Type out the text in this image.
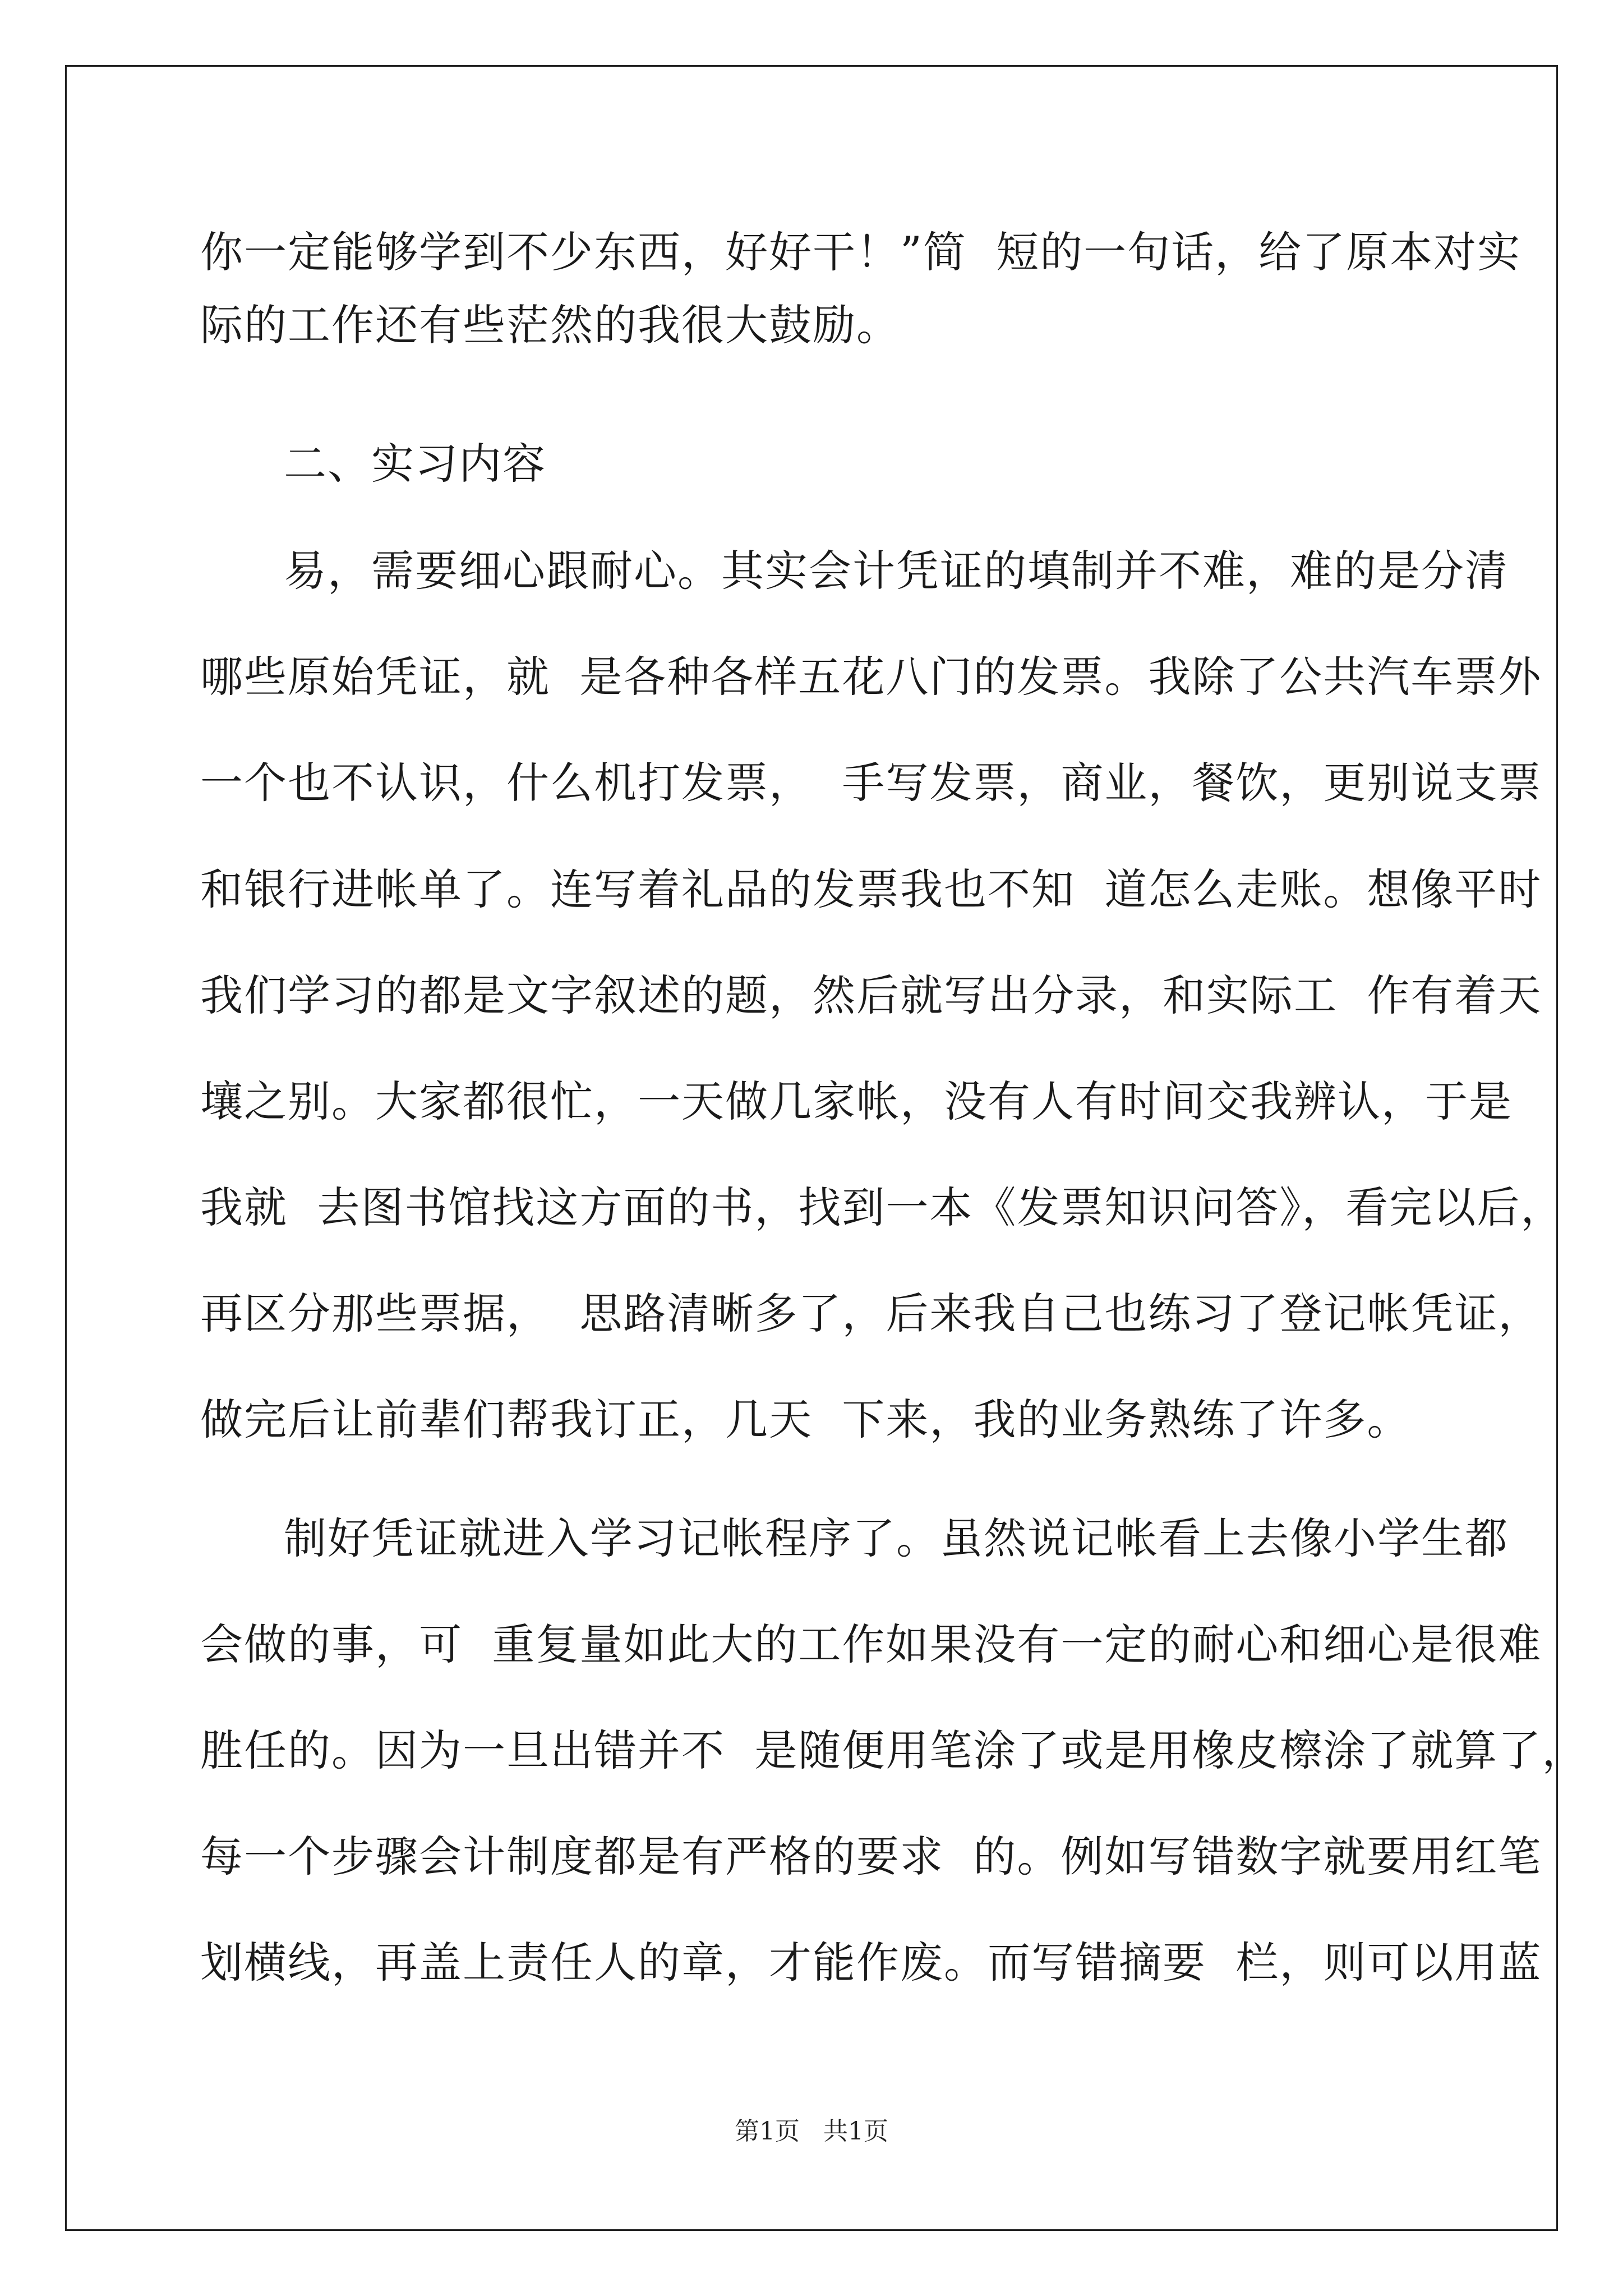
你一定能够学到不少东西，好好干！”简  短的一句话，给了原本对实
际的工作还有些茫然的我很大鼓励。
二、实习内容
易，需要细心跟耐心。其实会计凭证的填制并不难，难的是分清
哪些原始凭证，就  是各种各样五花八门的发票。我除了公共汽车票外
一个也不认识，什么机打发票，  手写发票，商业，餐饮，更别说支票
和银行进帐单了。连写着礼品的发票我也不知  道怎么走账。想像平时
我们学习的都是文字叙述的题，然后就写出分录，和实际工  作有着天
壤之别。大家都很忙，一天做几家帐，没有人有时间交我辨认，于是
我就  去图书馆找这方面的书，找到一本《发票知识问答》，看完以后，
再区分那些票据，  思路清晰多了，后来我自己也练习了登记帐凭证，
做完后让前辈们帮我订正，几天  下来，我的业务熟练了许多。
制好凭证就进入学习记帐程序了。虽然说记帐看上去像小学生都
会做的事，可  重复量如此大的工作如果没有一定的耐心和细心是很难
胜任的。因为一旦出错并不  是随便用笔涂了或是用橡皮檫涂了就算了，
每一个步骤会计制度都是有严格的要求  的。例如写错数字就要用红笔
划横线，再盖上责任人的章，才能作废。而写错摘要  栏，则可以用蓝
第1页 共1页
